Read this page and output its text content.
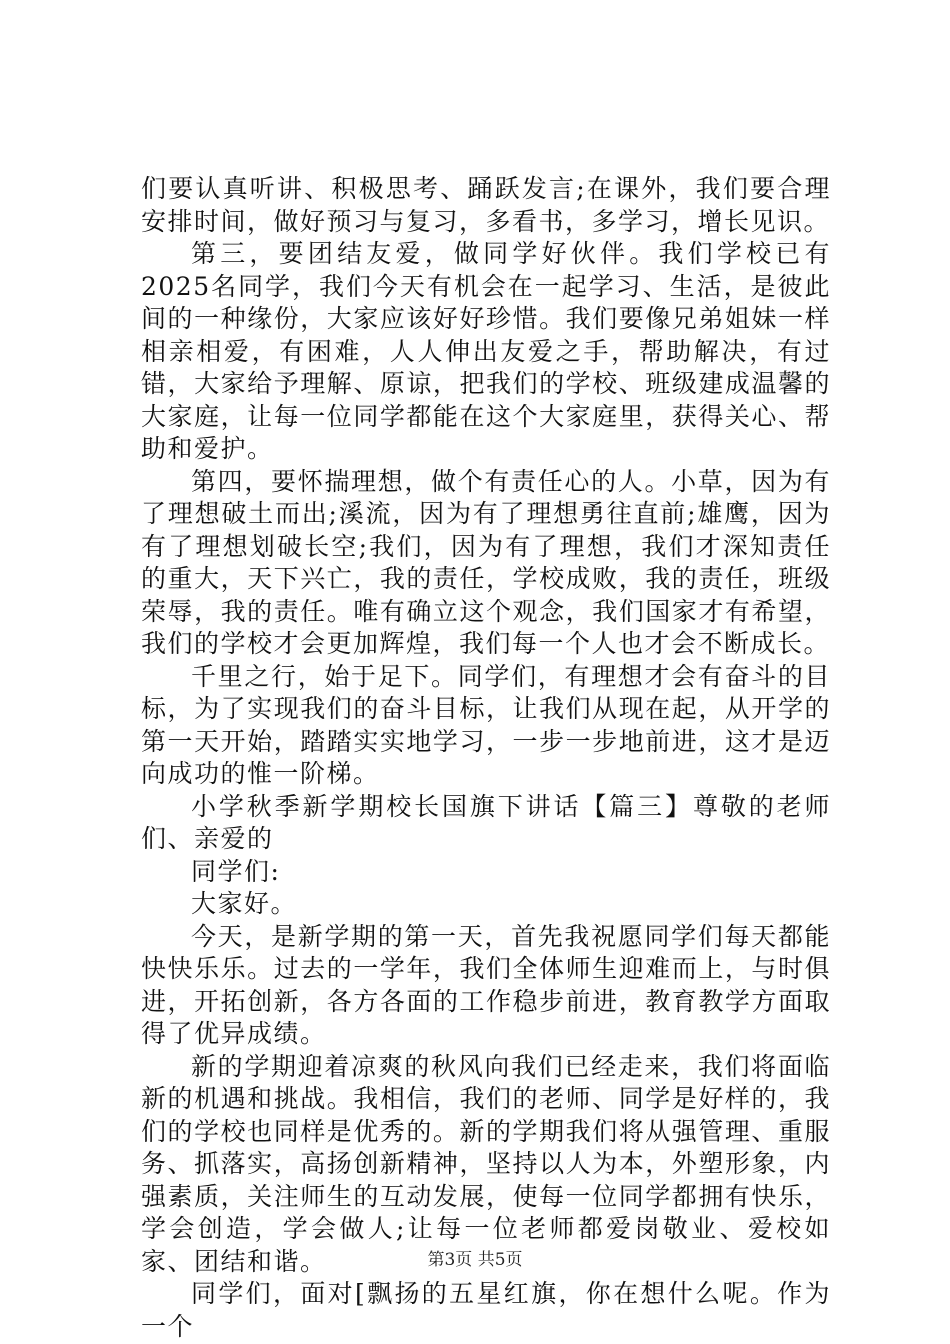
们要认真听讲、积极思考、踊跃发言;在课外，我们要合理安排时间，做好预习与复习，多看书，多学习，增长见识。

第三，要团结友爱，做同学好伙伴。我们学校已有2025名同学，我们今天有机会在一起学习、生活，是彼此间的一种缘份，大家应该好好珍惜。我们要像兄弟姐妹一样相亲相爱，有困难，人人伸出友爱之手，帮助解决，有过错，大家给予理解、原谅，把我们的学校、班级建成温馨的大家庭，让每一位同学都能在这个大家庭里，获得关心、帮助和爱护。

第四，要怀揣理想，做个有责任心的人。小草，因为有了理想破土而出;溪流，因为有了理想勇往直前;雄鹰，因为有了理想划破长空;我们，因为有了理想，我们才深知责任的重大，天下兴亡，我的责任，学校成败，我的责任，班级荣辱，我的责任。唯有确立这个观念，我们国家才有希望，我们的学校才会更加辉煌，我们每一个人也才会不断成长。

千里之行，始于足下。同学们，有理想才会有奋斗的目标，为了实现我们的奋斗目标，让我们从现在起，从开学的第一天开始，踏踏实实地学习，一步一步地前进，这才是迈向成功的惟一阶梯。

小学秋季新学期校长国旗下讲话【篇三】尊敬的老师们、亲爱的

同学们:

大家好。

今天，是新学期的第一天，首先我祝愿同学们每天都能快快乐乐。过去的一学年，我们全体师生迎难而上，与时俱进，开拓创新，各方各面的工作稳步前进，教育教学方面取得了优异成绩。

新的学期迎着凉爽的秋风向我们已经走来，我们将面临新的机遇和挑战。我相信，我们的老师、同学是好样的，我们的学校也同样是优秀的。新的学期我们将从强管理、重服务、抓落实，高扬创新精神，坚持以人为本，外塑形象，内强素质，关注师生的互动发展，使每一位同学都拥有快乐，学会创造，学会做人;让每一位老师都爱岗敬业、爱校如家、团结和谐。

同学们，面对[飘扬的五星红旗，你在想什么呢。作为一个

第3页 共5页
